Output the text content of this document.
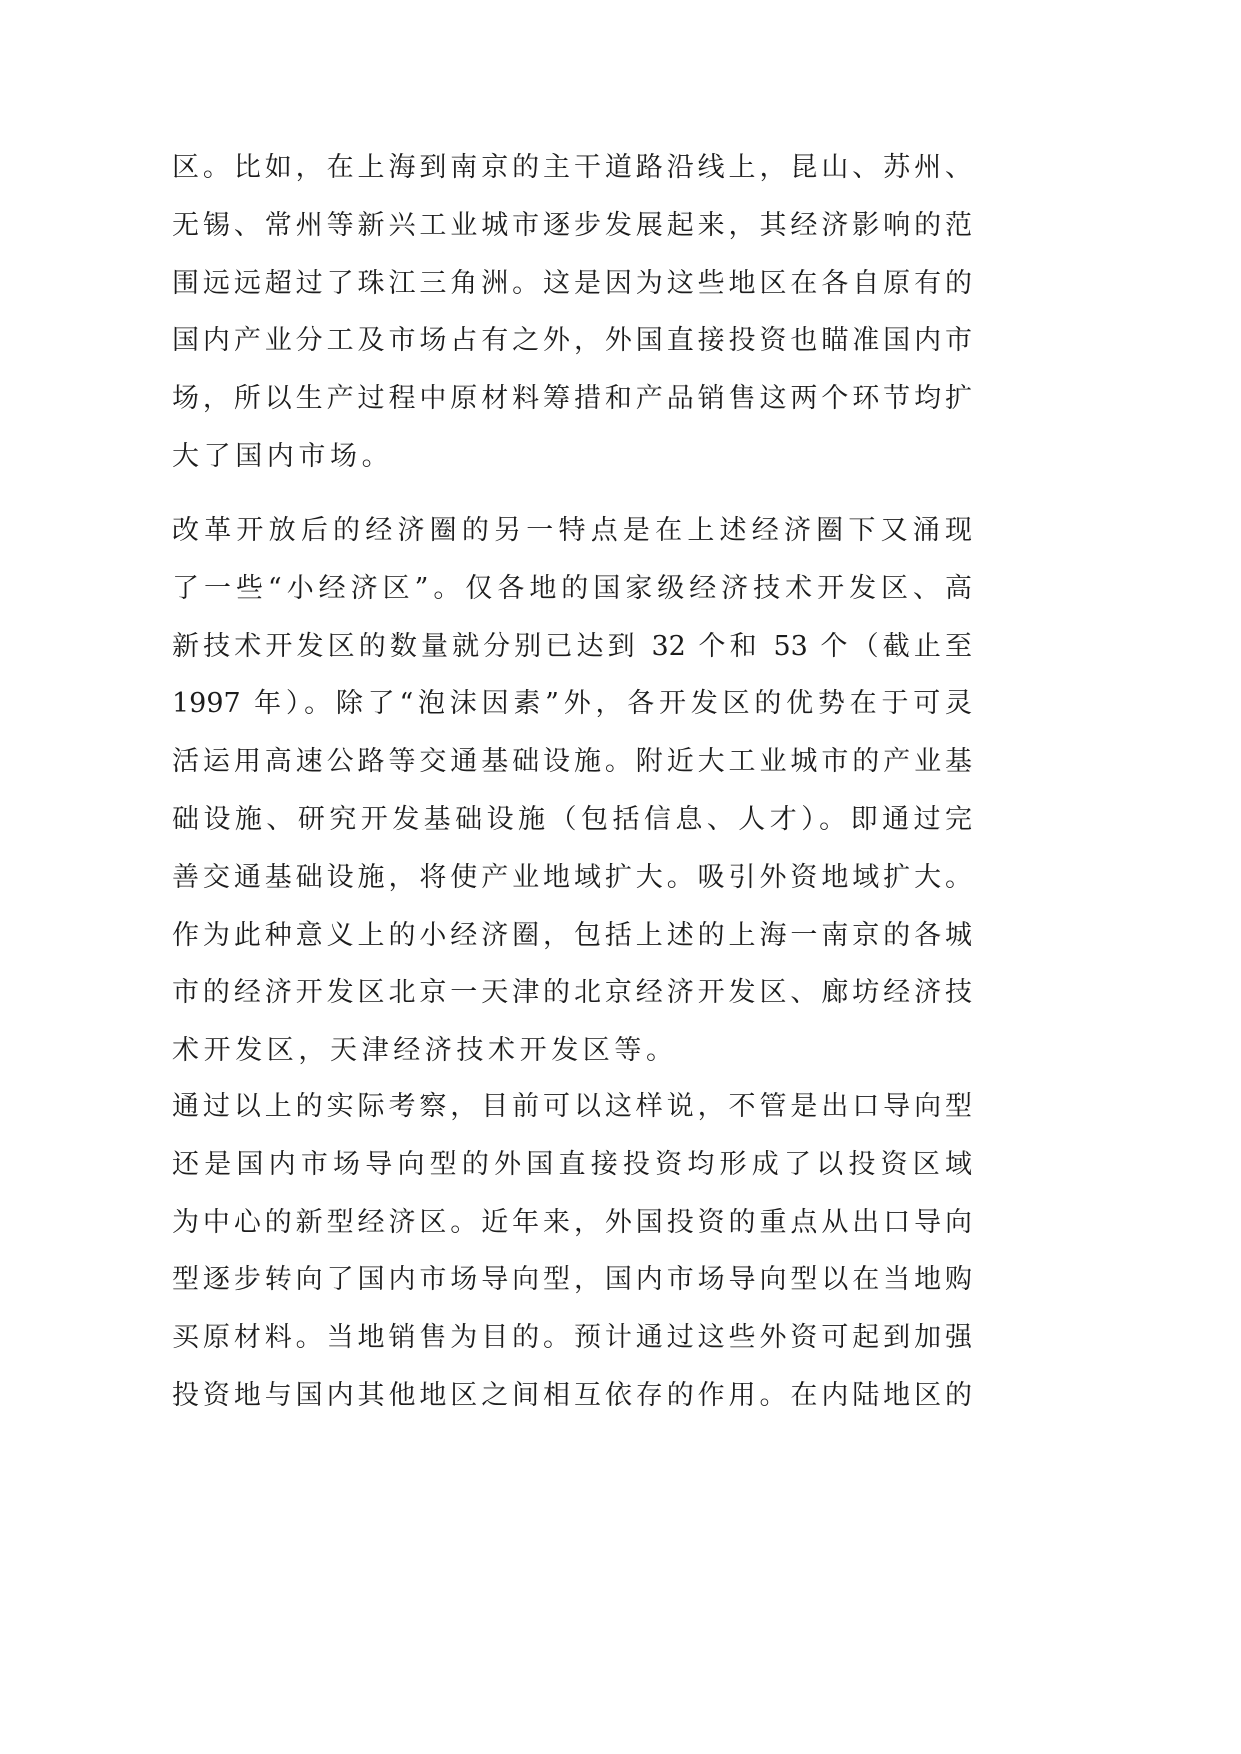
区。比如，在上海到南京的主干道路沿线上，昆山、苏州、
无锡、常州等新兴工业城市逐步发展起来，其经济影响的范
围远远超过了珠江三角洲。这是因为这些地区在各自原有的
国内产业分工及市场占有之外，外国直接投资也瞄准国内市
场，所以生产过程中原材料筹措和产品销售这两个环节均扩
大了国内市场。
改革开放后的经济圈的另一特点是在上述经济圈下又涌现
了一些“小经济区”。仅各地的国家级经济技术开发区、高
新技术开发区的数量就分别已达到 32 个和 53 个（截止至
1997 年）。除了“泡沫因素”外，各开发区的优势在于可灵
活运用高速公路等交通基础设施。附近大工业城市的产业基
础设施、研究开发基础设施（包括信息、人才）。即通过完
善交通基础设施，将使产业地域扩大。吸引外资地域扩大。
作为此种意义上的小经济圈，包括上述的上海一南京的各城
市的经济开发区北京一天津的北京经济开发区、廊坊经济技
术开发区，天津经济技术开发区等。
通过以上的实际考察，目前可以这样说，不管是出口导向型
还是国内市场导向型的外国直接投资均形成了以投资区域
为中心的新型经济区。近年来，外国投资的重点从出口导向
型逐步转向了国内市场导向型，国内市场导向型以在当地购
买原材料。当地销售为目的。预计通过这些外资可起到加强
投资地与国内其他地区之间相互依存的作用。在内陆地区的
